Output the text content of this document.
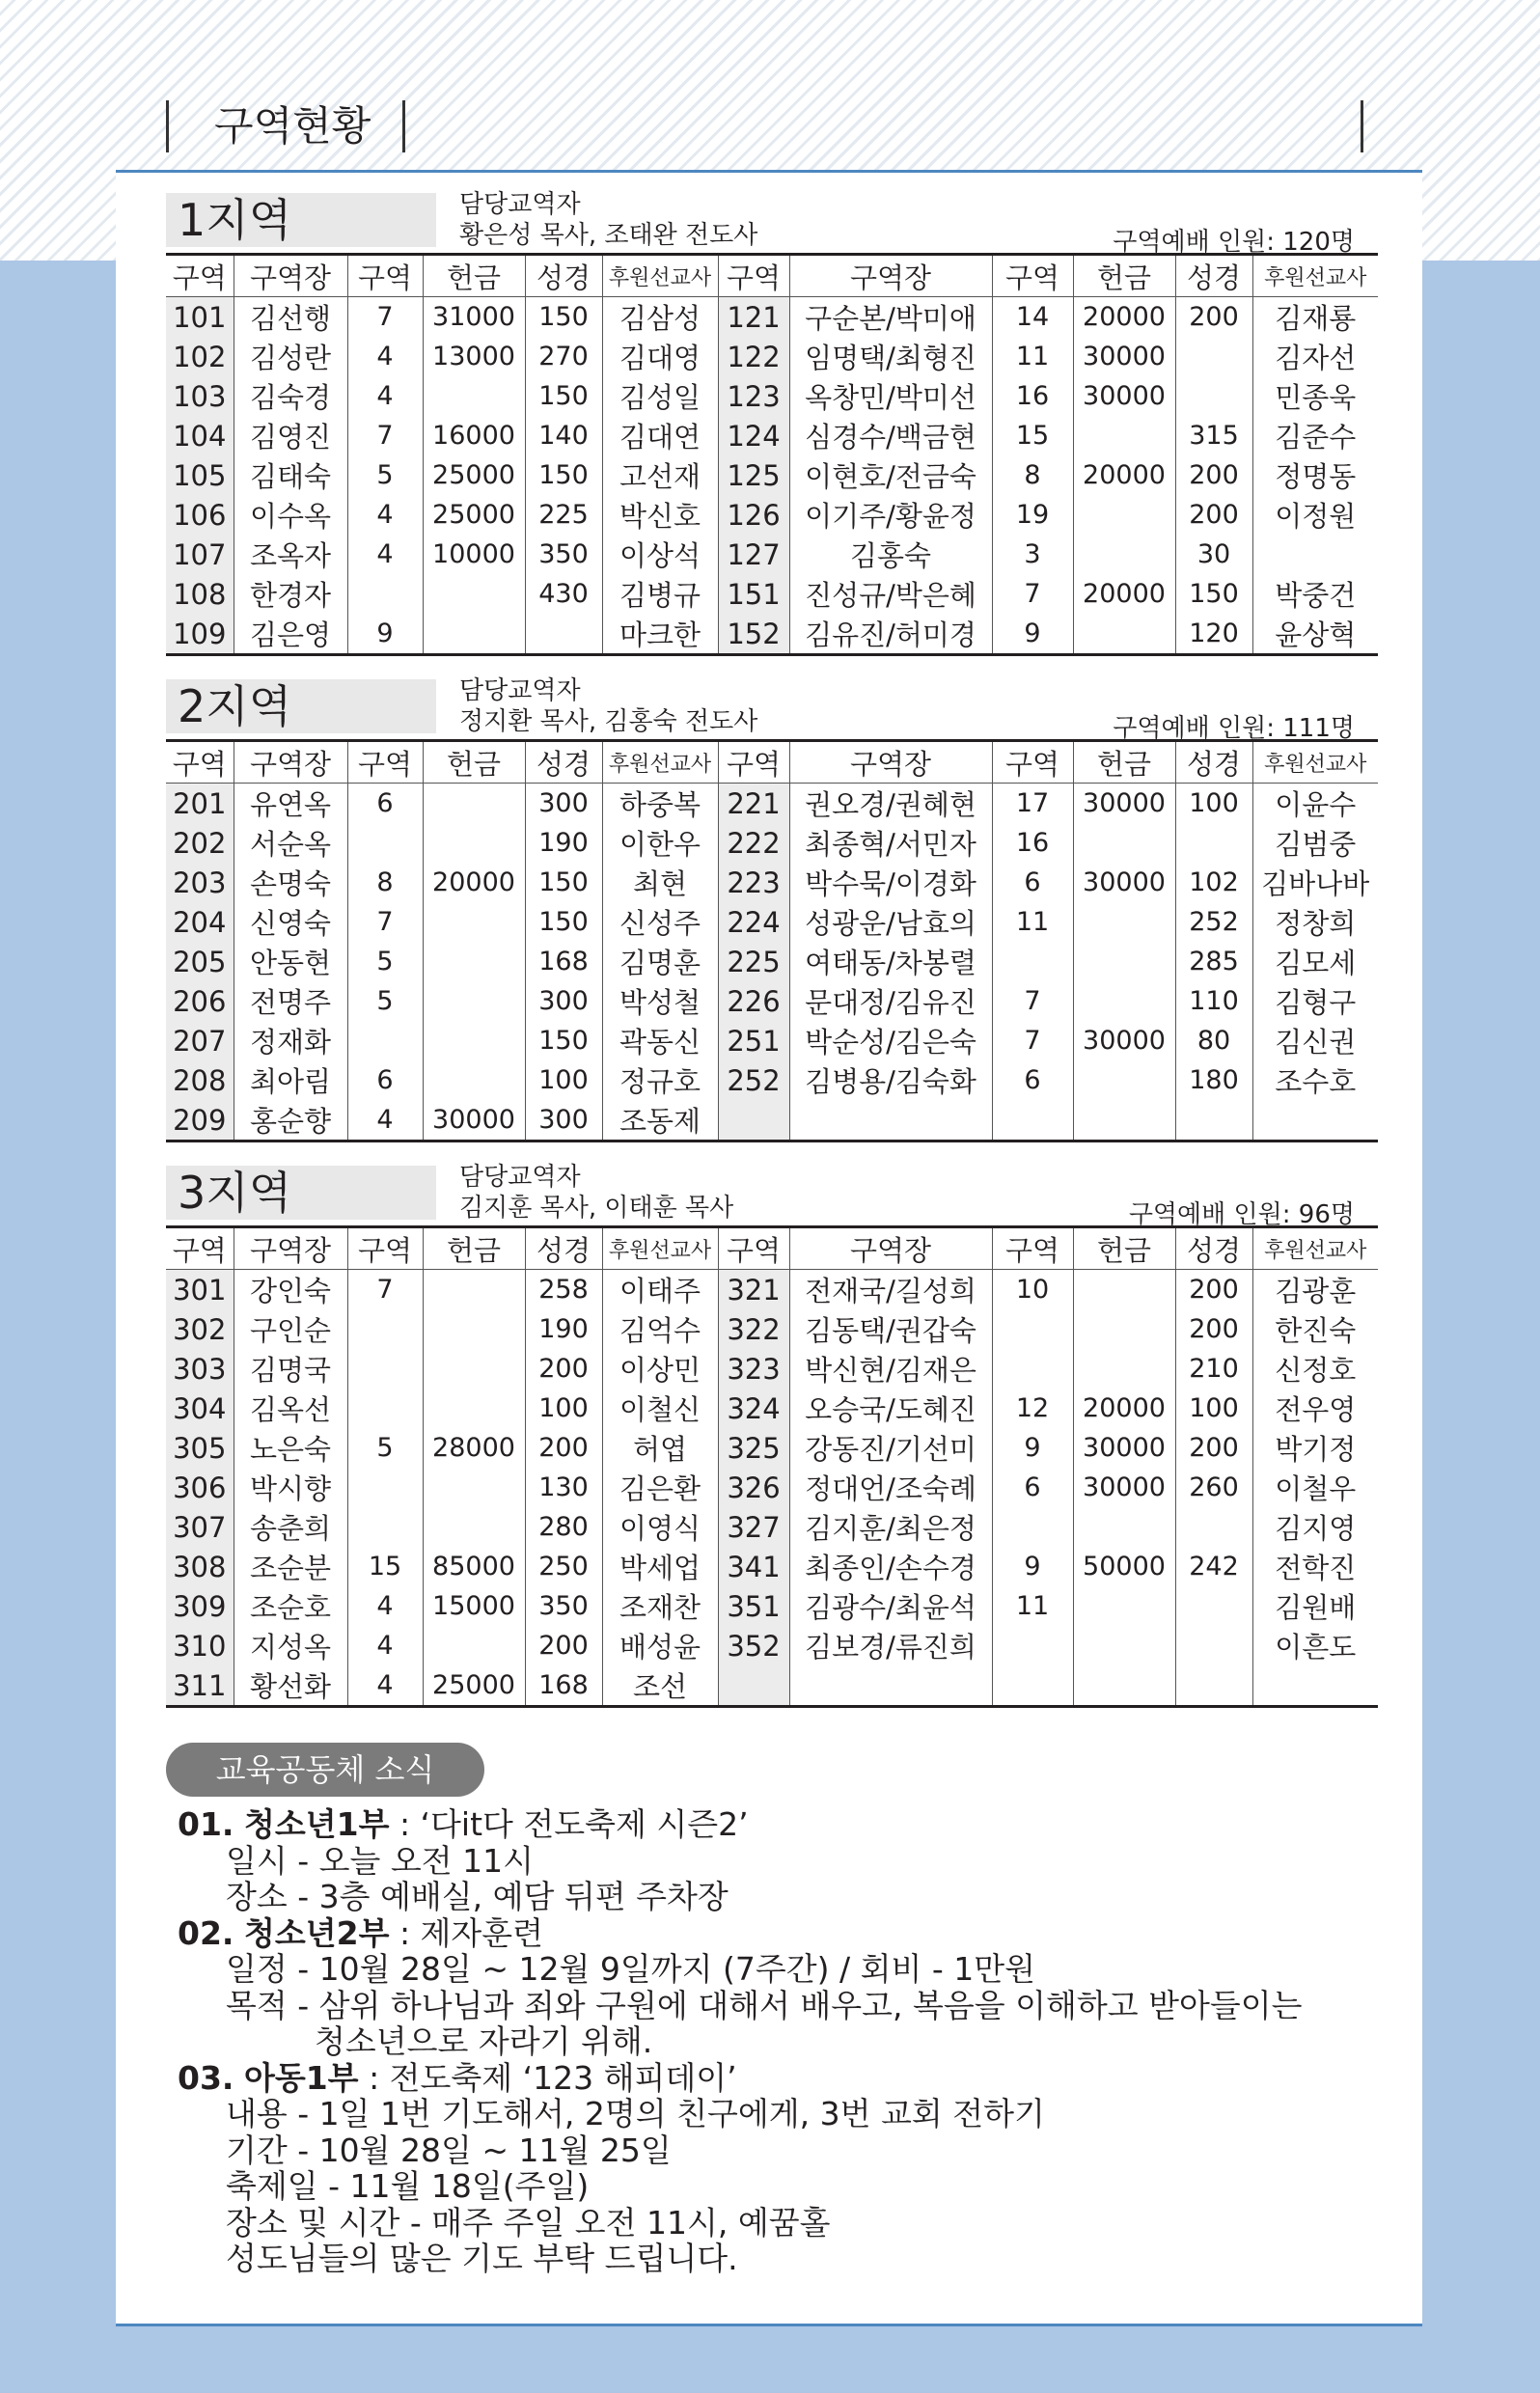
구역현황
1지역	담당교역자
황은성 목사, 조태완 전도사	구역예배 인원: 120명
구역	구역장	구역	헌금	성경	후원선교사	구역	구역장	구역	헌금	성경	후원선교사
101	김선행	7	31000	150	김삼성	121	구순본/박미애	14	20000	200	김재룡
102	김성란	4	13000	270	김대영	122	임명택/최형진	11	30000		김자선
103	김숙경	4		150	김성일	123	옥창민/박미선	16	30000		민종욱
104	김영진	7	16000	140	김대연	124	심경수/백금현	15		315	김준수
105	김태숙	5	25000	150	고선재	125	이현호/전금숙	8	20000	200	정명동
106	이수옥	4	25000	225	박신호	126	이기주/황윤정	19		200	이정원
107	조옥자	4	10000	350	이상석	127	김홍숙	3		30	
108	한경자			430	김병규	151	진성규/박은혜	7	20000	150	박중건
109	김은영	9			마크한	152	김유진/허미경	9		120	윤상혁
2지역	담당교역자
정지환 목사, 김홍숙 전도사	구역예배 인원: 111명
구역	구역장	구역	헌금	성경	후원선교사	구역	구역장	구역	헌금	성경	후원선교사
201	유연옥	6		300	하중복	221	권오경/권혜현	17	30000	100	이윤수
202	서순옥			190	이한우	222	최종혁/서민자	16			김범중
203	손명숙	8	20000	150	최현	223	박수묵/이경화	6	30000	102	김바나바
204	신영숙	7		150	신성주	224	성광운/남효의	11		252	정창희
205	안동현	5		168	김명훈	225	여태동/차봉렬			285	김모세
206	전명주	5		300	박성철	226	문대정/김유진	7		110	김형구
207	정재화			150	곽동신	251	박순성/김은숙	7	30000	80	김신권
208	최아림	6		100	정규호	252	김병용/김숙화	6		180	조수호
209	홍순향	4	30000	300	조동제						
3지역	담당교역자
김지훈 목사, 이태훈 목사	구역예배 인원: 96명
구역	구역장	구역	헌금	성경	후원선교사	구역	구역장	구역	헌금	성경	후원선교사
301	강인숙	7		258	이태주	321	전재국/길성희	10		200	김광훈
302	구인순			190	김억수	322	김동택/권갑숙			200	한진숙
303	김명국			200	이상민	323	박신현/김재은			210	신정호
304	김옥선			100	이철신	324	오승국/도혜진	12	20000	100	전우영
305	노은숙	5	28000	200	허엽	325	강동진/기선미	9	30000	200	박기정
306	박시향			130	김은환	326	정대언/조숙례	6	30000	260	이철우
307	송춘희			280	이영식	327	김지훈/최은정				김지영
308	조순분	15	85000	250	박세업	341	최종인/손수경	9	50000	242	전학진
309	조순호	4	15000	350	조재찬	351	김광수/최윤석	11			김원배
310	지성옥	4		200	배성윤	352	김보경/류진희				이흔도
311	황선화	4	25000	168	조선						
교육공동체 소식
01. 청소년1부 : ‘다it다 전도축제 시즌2’
일시 - 오늘 오전 11시
장소 - 3층 예배실, 예담 뒤편 주차장
02. 청소년2부 : 제자훈련
일정 - 10월 28일 ~ 12월 9일까지 (7주간) / 회비 - 1만원
목적 - 삼위 하나님과 죄와 구원에 대해서 배우고, 복음을 이해하고 받아들이는
청소년으로 자라기 위해.
03. 아동1부 : 전도축제 ‘123 해피데이’
내용 - 1일 1번 기도해서, 2명의 친구에게, 3번 교회 전하기
기간 - 10월 28일 ~ 11월 25일
축제일 - 11월 18일(주일)
장소 및 시간 - 매주 주일 오전 11시, 예꿈홀
성도님들의 많은 기도 부탁 드립니다.
